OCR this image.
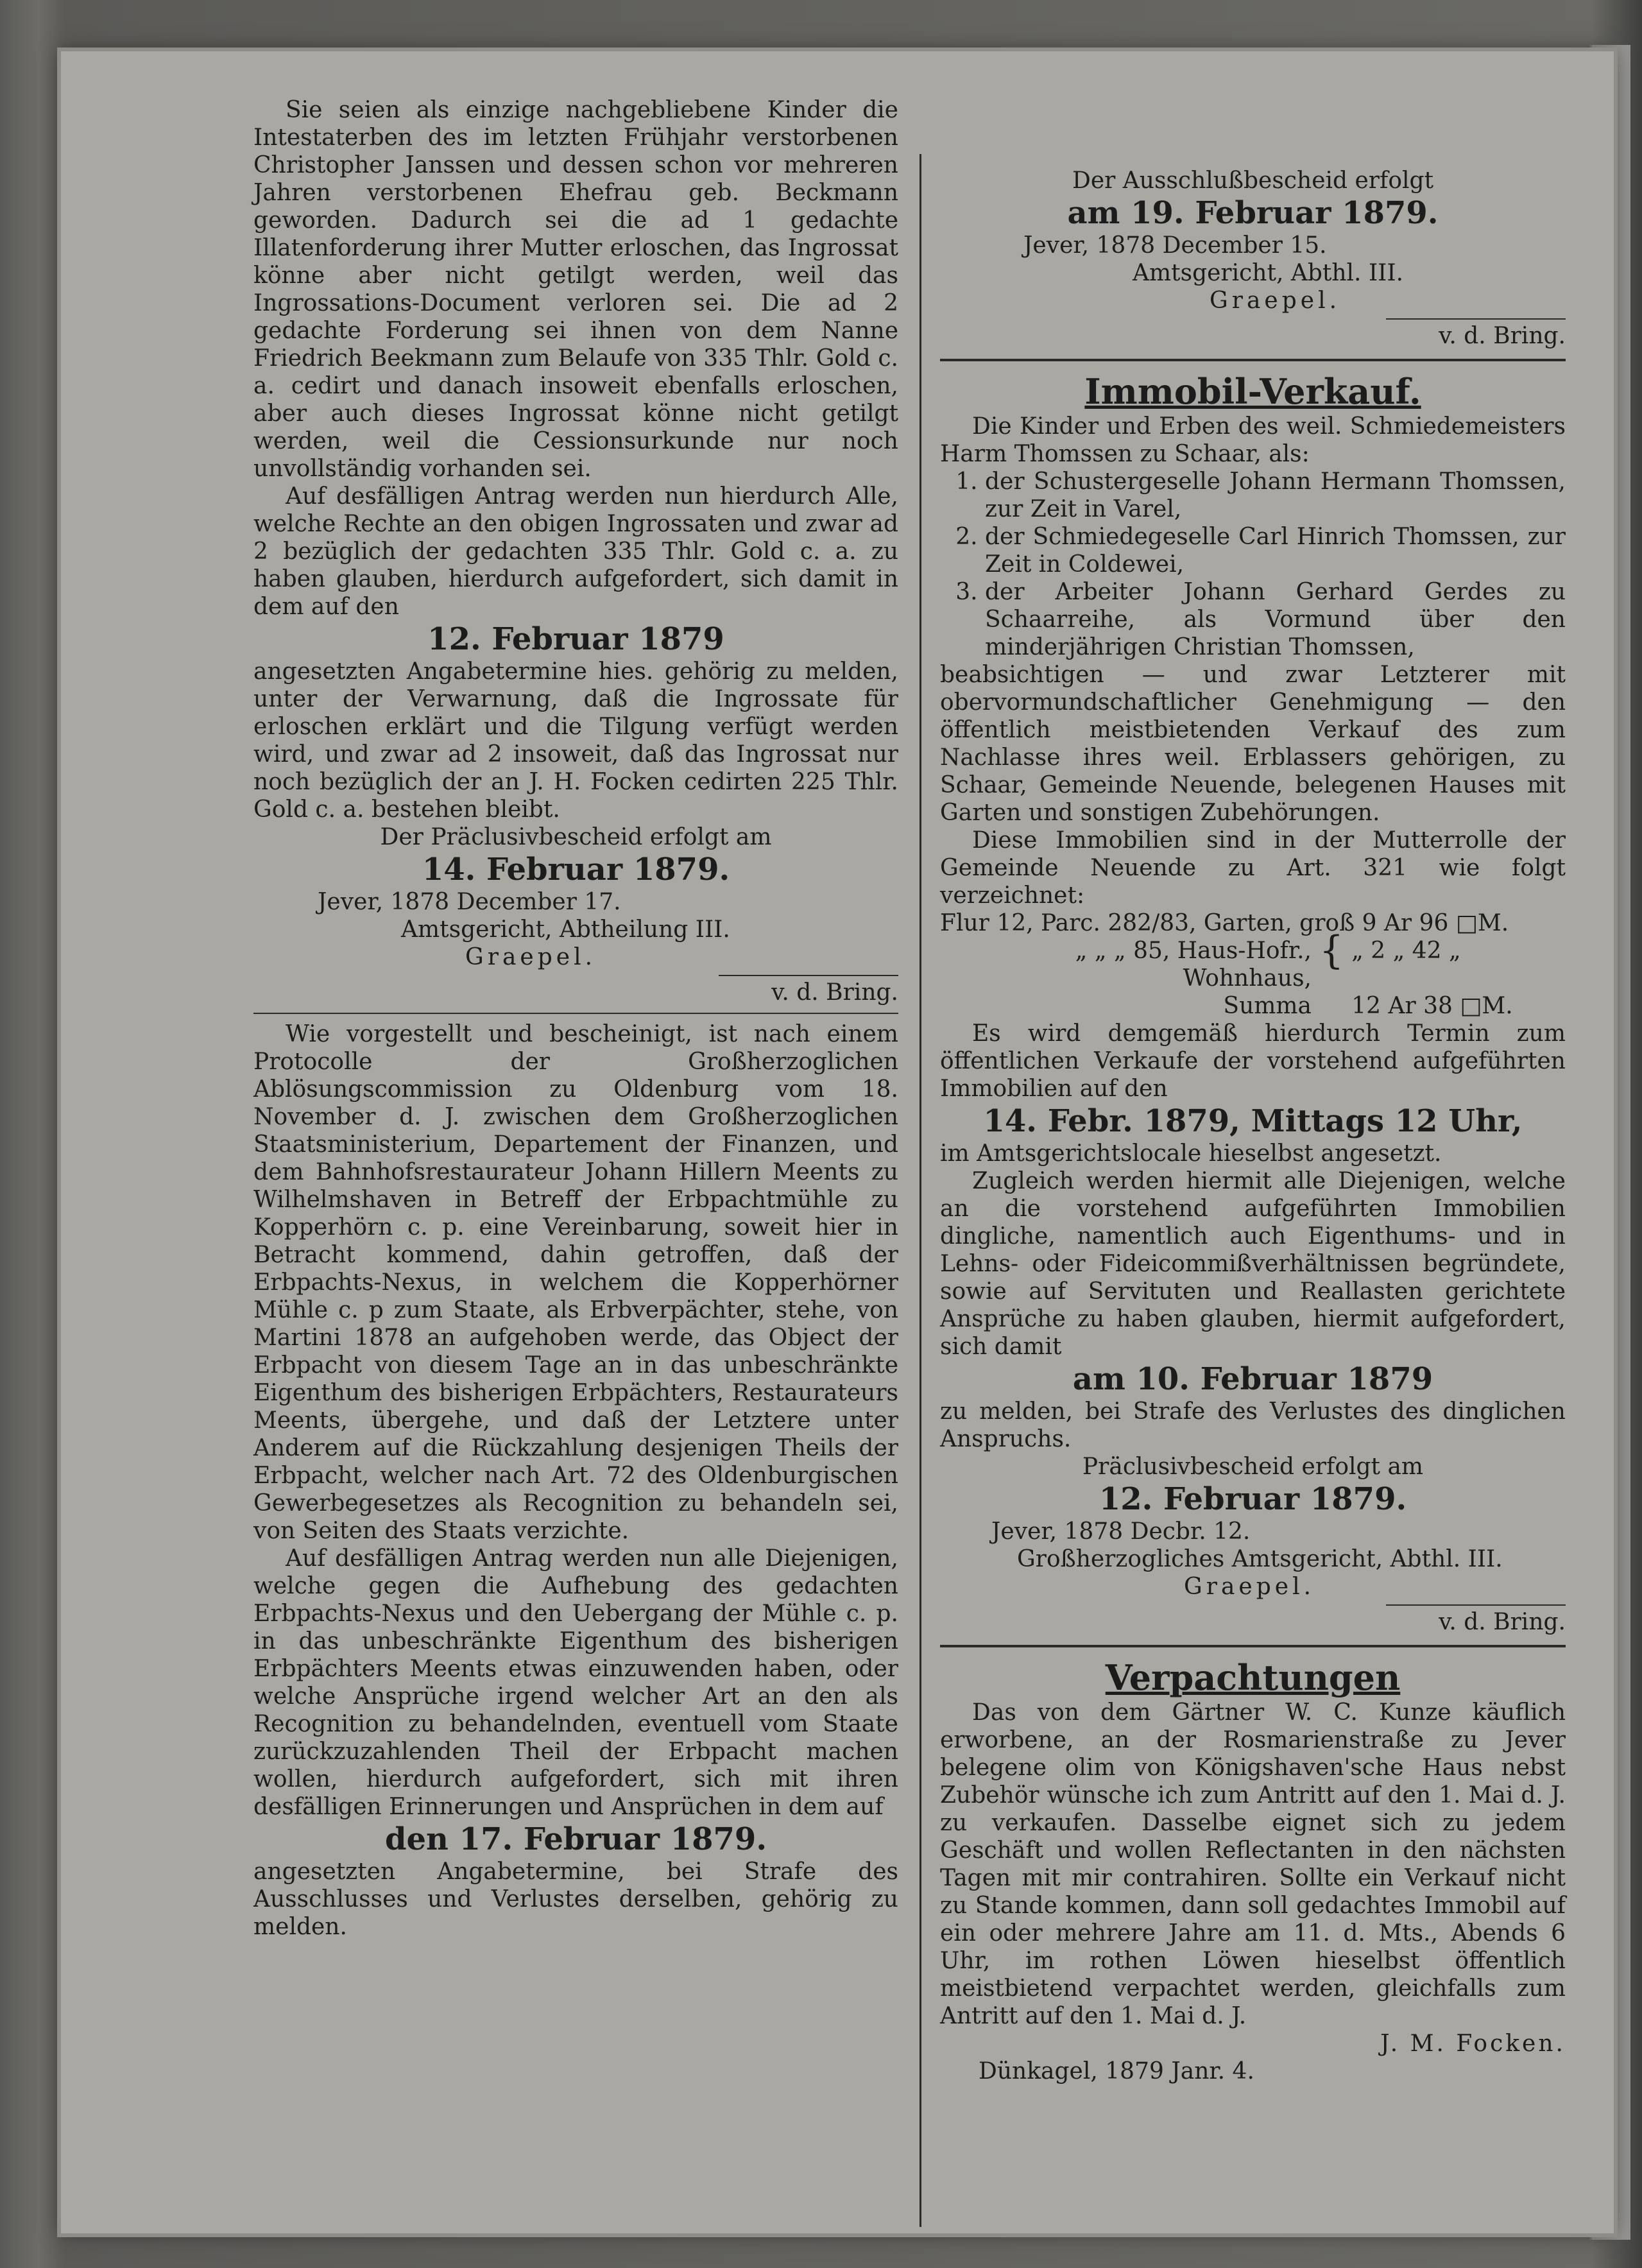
Sie seien als einzige nachgebliebene Kinder die Intestaterben des im letzten Frühjahr verstorbenen Christopher Janssen und dessen schon vor mehreren Jahren verstorbenen Ehefrau geb. Beckmann geworden. Dadurch sei die ad 1 gedachte Illatenforderung ihrer Mutter erloschen, das Ingrossat könne aber nicht getilgt werden, weil das Ingrossations-Document verloren sei. Die ad 2 gedachte Forderung sei ihnen von dem Nanne Friedrich Beekmann zum Belaufe von 335 Thlr. Gold c. a. cedirt und danach insoweit ebenfalls erloschen, aber auch dieses Ingrossat könne nicht getilgt werden, weil die Cessionsurkunde nur noch unvollständig vorhanden sei.

Auf desfälligen Antrag werden nun hierdurch Alle, welche Rechte an den obigen Ingrossaten und zwar ad 2 bezüglich der gedachten 335 Thlr. Gold c. a. zu haben glauben, hierdurch aufgefordert, sich damit in dem auf den

12. Februar 1879

angesetzten Angabetermine hies. gehörig zu melden, unter der Verwarnung, daß die Ingrossate für erloschen erklärt und die Tilgung verfügt werden wird, und zwar ad 2 insoweit, daß das Ingrossat nur noch bezüglich der an J. H. Focken cedirten 225 Thlr. Gold c. a. bestehen bleibt.

Der Präclusivbescheid erfolgt am

14. Februar 1879.

Jever, 1878 December 17.

Amtsgericht, Abtheilung III.

Graepel.

v. d. Bring.

Wie vorgestellt und bescheinigt, ist nach einem Protocolle der Großherzoglichen Ablösungscommission zu Oldenburg vom 18. November d. J. zwischen dem Großherzoglichen Staatsministerium, Departement der Finanzen, und dem Bahnhofsrestaurateur Johann Hillern Meents zu Wilhelmshaven in Betreff der Erbpachtmühle zu Kopperhörn c. p. eine Vereinbarung, soweit hier in Betracht kommend, dahin getroffen, daß der Erbpachts-Nexus, in welchem die Kopperhörner Mühle c. p zum Staate, als Erbverpächter, stehe, von Martini 1878 an aufgehoben werde, das Object der Erbpacht von diesem Tage an in das unbeschränkte Eigenthum des bisherigen Erbpächters, Restaurateurs Meents, übergehe, und daß der Letztere unter Anderem auf die Rückzahlung desjenigen Theils der Erbpacht, welcher nach Art. 72 des Oldenburgischen Gewerbegesetzes als Recognition zu behandeln sei, von Seiten des Staats verzichte.

Auf desfälligen Antrag werden nun alle Diejenigen, welche gegen die Aufhebung des gedachten Erbpachts-Nexus und den Uebergang der Mühle c. p. in das unbeschränkte Eigenthum des bisherigen Erbpächters Meents etwas einzuwenden haben, oder welche Ansprüche irgend welcher Art an den als Recognition zu behandelnden, eventuell vom Staate zurückzuzahlenden Theil der Erbpacht machen wollen, hierdurch aufgefordert, sich mit ihren desfälligen Erinnerungen und Ansprüchen in dem auf

den 17. Februar 1879.

angesetzten Angabetermine, bei Strafe des Ausschlusses und Verlustes derselben, gehörig zu melden.

Der Ausschlußbescheid erfolgt

am 19. Februar 1879.

Jever, 1878 December 15.

Amtsgericht, Abthl. III.

Graepel.

v. d. Bring.

Immobil-Verkauf.

Die Kinder und Erben des weil. Schmiedemeisters Harm Thomssen zu Schaar, als:

1. der Schustergeselle Johann Hermann Thomssen, zur Zeit in Varel,
2. der Schmiedegeselle Carl Hinrich Thomssen, zur Zeit in Coldewei,
3. der Arbeiter Johann Gerhard Gerdes zu Schaarreihe, als Vormund über den minderjährigen Christian Thomssen,

beabsichtigen — und zwar Letzterer mit obervormundschaftlicher Genehmigung — den öffentlich meistbietenden Verkauf des zum Nachlasse ihres weil. Erblassers gehörigen, zu Schaar, Gemeinde Neuende, belegenen Hauses mit Garten und sonstigen Zubehörungen.

Diese Immobilien sind in der Mutterrolle der Gemeinde Neuende zu Art. 321 wie folgt verzeichnet:

Flur 12, Parc. 282/83, Garten, groß 9 Ar 96 □M.

„ „ „ 85, Haus-Hofr., Wohnhaus,	{	„ 2 „ 42 „
Summa		12 Ar 38 □M.

Es wird demgemäß hierdurch Termin zum öffentlichen Verkaufe der vorstehend aufgeführten Immobilien auf den

14. Febr. 1879, Mittags 12 Uhr,

im Amtsgerichtslocale hieselbst angesetzt.

Zugleich werden hiermit alle Diejenigen, welche an die vorstehend aufgeführten Immobilien dingliche, namentlich auch Eigenthums- und in Lehns- oder Fideicommißverhältnissen begründete, sowie auf Servituten und Reallasten gerichtete Ansprüche zu haben glauben, hiermit aufgefordert, sich damit

am 10. Februar 1879

zu melden, bei Strafe des Verlustes des dinglichen Anspruchs.

Präclusivbescheid erfolgt am

12. Februar 1879.

Jever, 1878 Decbr. 12.

Großherzogliches Amtsgericht, Abthl. III.

Graepel.

v. d. Bring.

Verpachtungen

Das von dem Gärtner W. C. Kunze käuflich erworbene, an der Rosmarienstraße zu Jever belegene olim von Königshaven'sche Haus nebst Zubehör wünsche ich zum Antritt auf den 1. Mai d. J. zu verkaufen. Dasselbe eignet sich zu jedem Geschäft und wollen Reflectanten in den nächsten Tagen mit mir contrahiren. Sollte ein Verkauf nicht zu Stande kommen, dann soll gedachtes Immobil auf ein oder mehrere Jahre am 11. d. Mts., Abends 6 Uhr, im rothen Löwen hieselbst öffentlich meistbietend verpachtet werden, gleichfalls zum Antritt auf den 1. Mai d. J.

J. M. Focken.

Dünkagel, 1879 Janr. 4.
